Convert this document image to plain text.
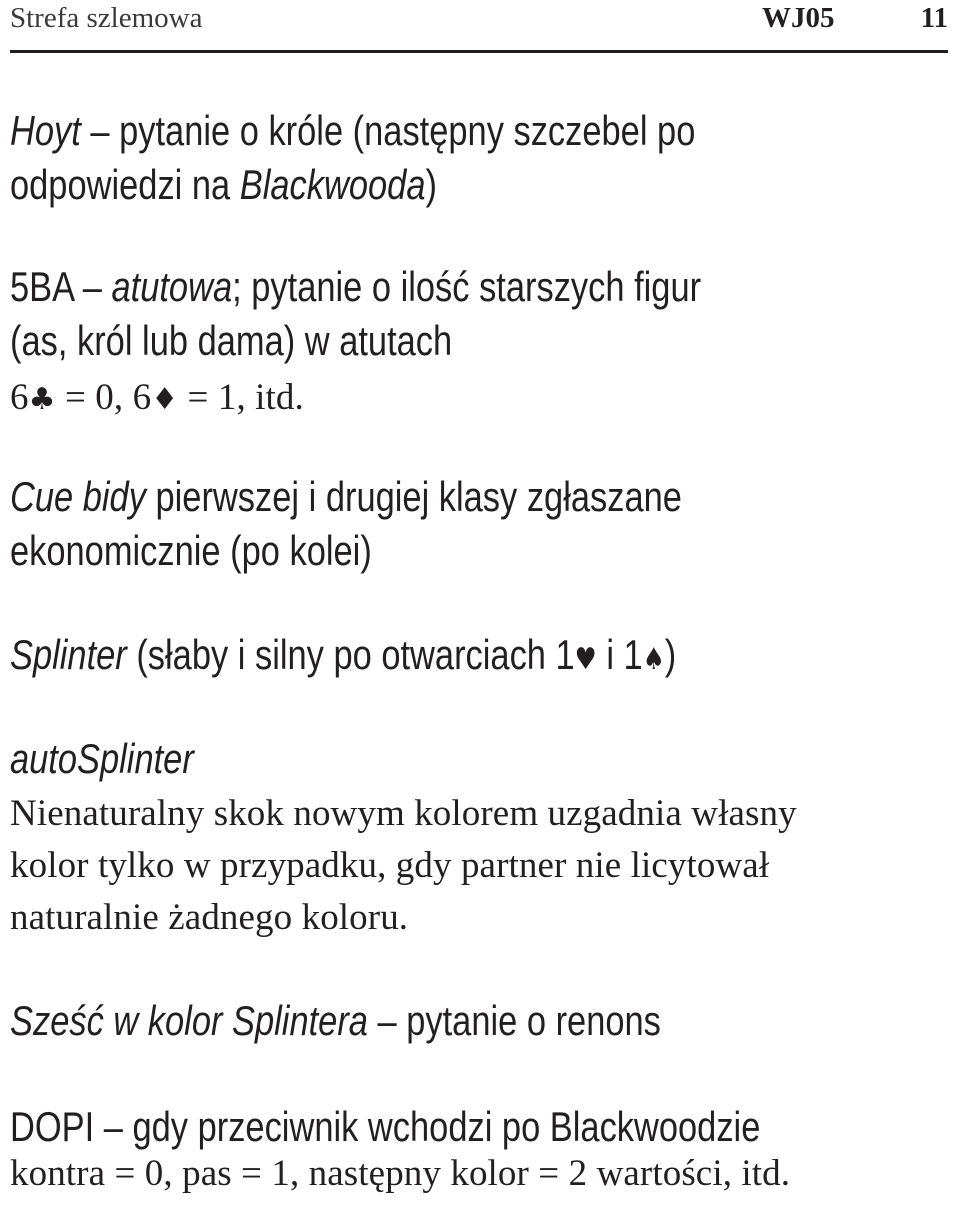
Strefa szlemowa	WJ05	11

Hoyt – pytanie o króle (następny szczebel po

odpowiedzi na Blackwooda)

5BA – atutowa; pytanie o ilość starszych figur

(as, król lub dama) w atutach

6♣ = 0, 6♦ = 1, itd.

Cue bidy pierwszej i drugiej klasy zgłaszane

ekonomicznie (po kolei)

Splinter (słaby i silny po otwarciach 1♥ i 1♠)

autoSplinter

Nienaturalny skok nowym kolorem uzgadnia własny

kolor tylko w przypadku, gdy partner nie licytował

naturalnie żadnego koloru.

Sześć w kolor Splintera – pytanie o renons

DOPI – gdy przeciwnik wchodzi po Blackwoodzie

kontra = 0, pas = 1, następny kolor = 2 wartości, itd.
